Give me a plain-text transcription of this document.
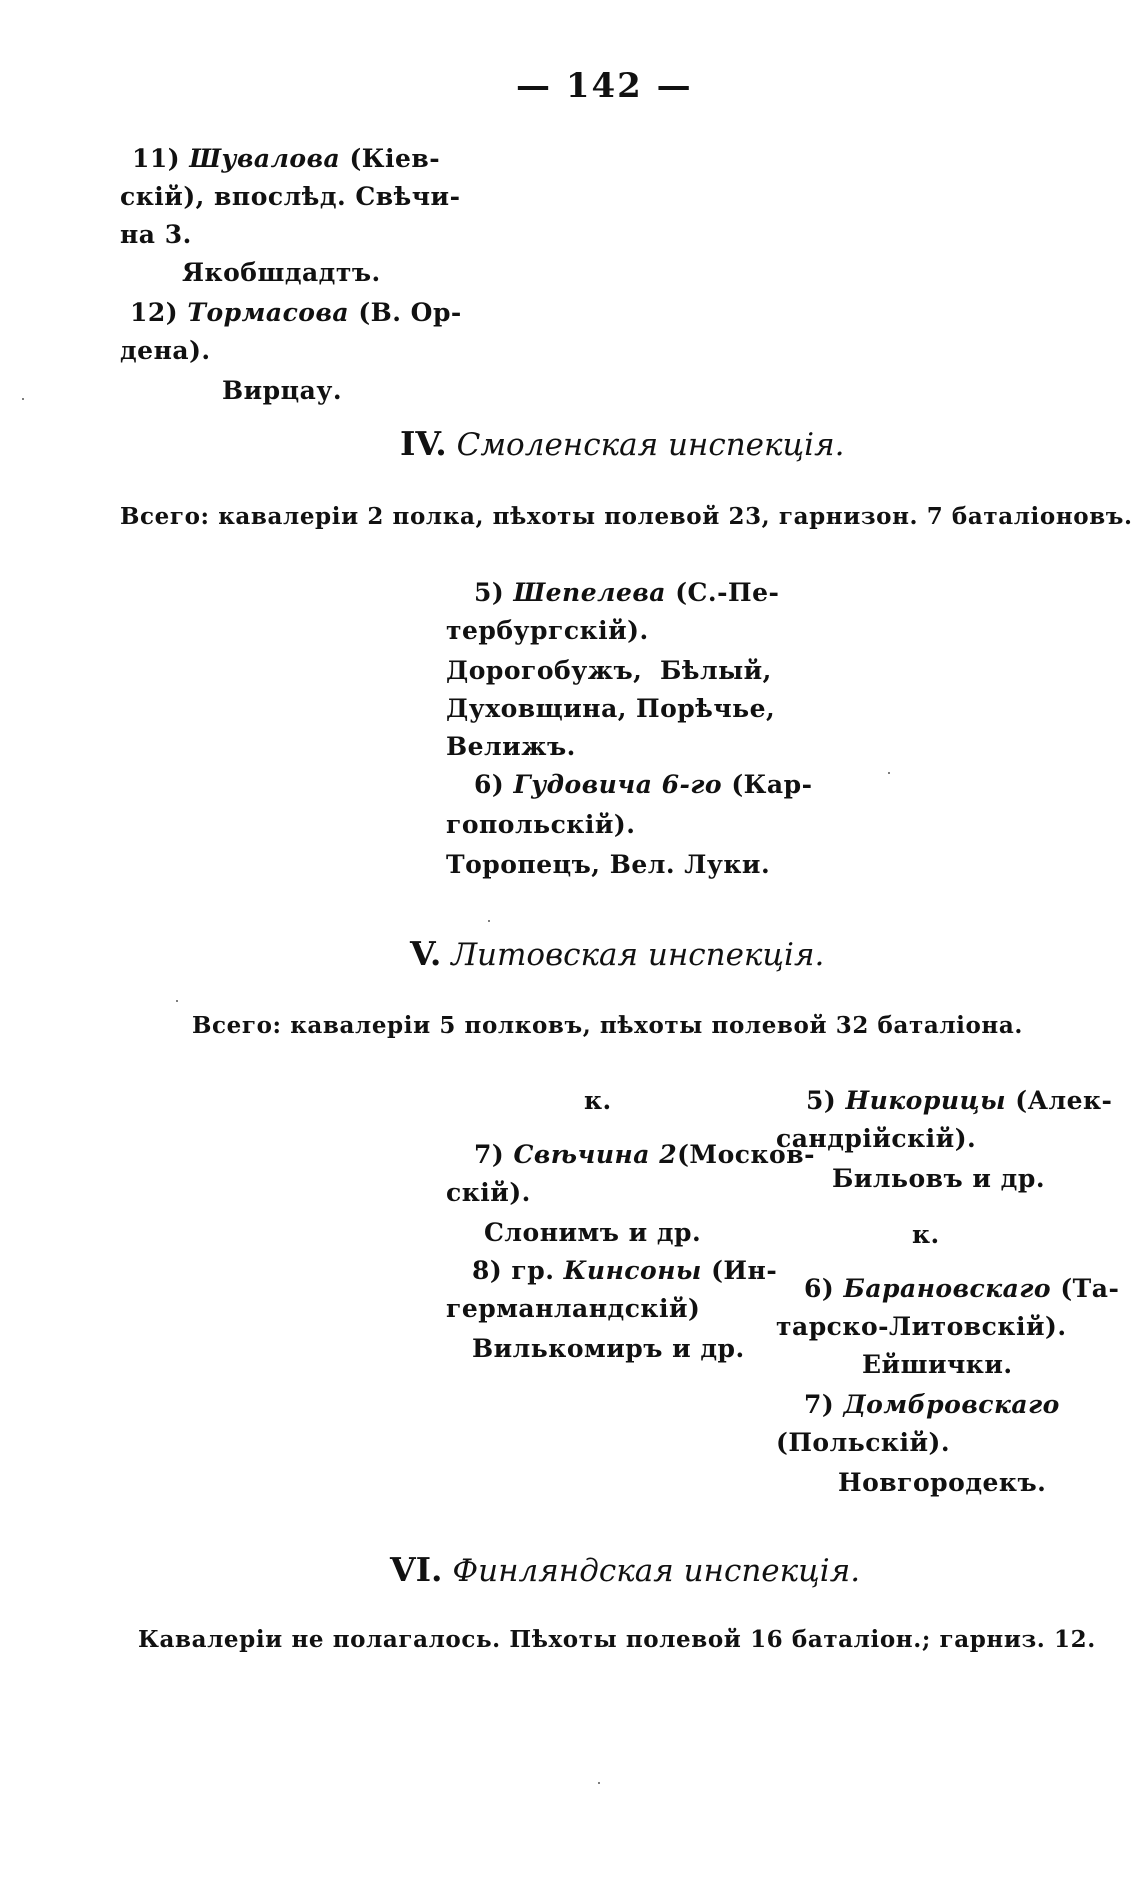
— 142 —
11) Шувалова (Кiев-
скiй), впослѣд. Свѣчи-
на 3.
Якобшдадтъ.
12) Тормасова (В. Ор-
дена).
Вирцау.
IV. Смоленская инспекцiя.
Всего: кавалерiи 2 полка, пѣхоты полевой 23, гарнизон. 7 баталiоновъ.
5) Шепелева (С.-Пе-
тербургскiй).
Дорогобужъ, Бѣлый,
Духовщина, Порѣчье,
Велижъ.
6) Гудовича 6-го (Кар-
гопольскiй).
Торопецъ, Вел. Луки.
V. Литовская инспекцiя.
Всего: кавалерiи 5 полковъ, пѣхоты полевой 32 баталiона.
к.
7) Свѣчина 2(Москов-
скiй).
Слонимъ и др.
8) гр. Кинсоны (Ин-
германландскiй)
Вилькомиръ и др.
5) Никорицы (Алек-
сандрiйскiй).
Бильовъ и др.
к.
6) Барановскаго (Та-
тарско-Литовскiй).
Ейшички.
7) Домбровскаго
(Польскiй).
Новгородекъ.
VI. Финляндская инспекцiя.
Кавалерiи не полагалось. Пѣхоты полевой 16 баталiон.; гарниз. 12.
